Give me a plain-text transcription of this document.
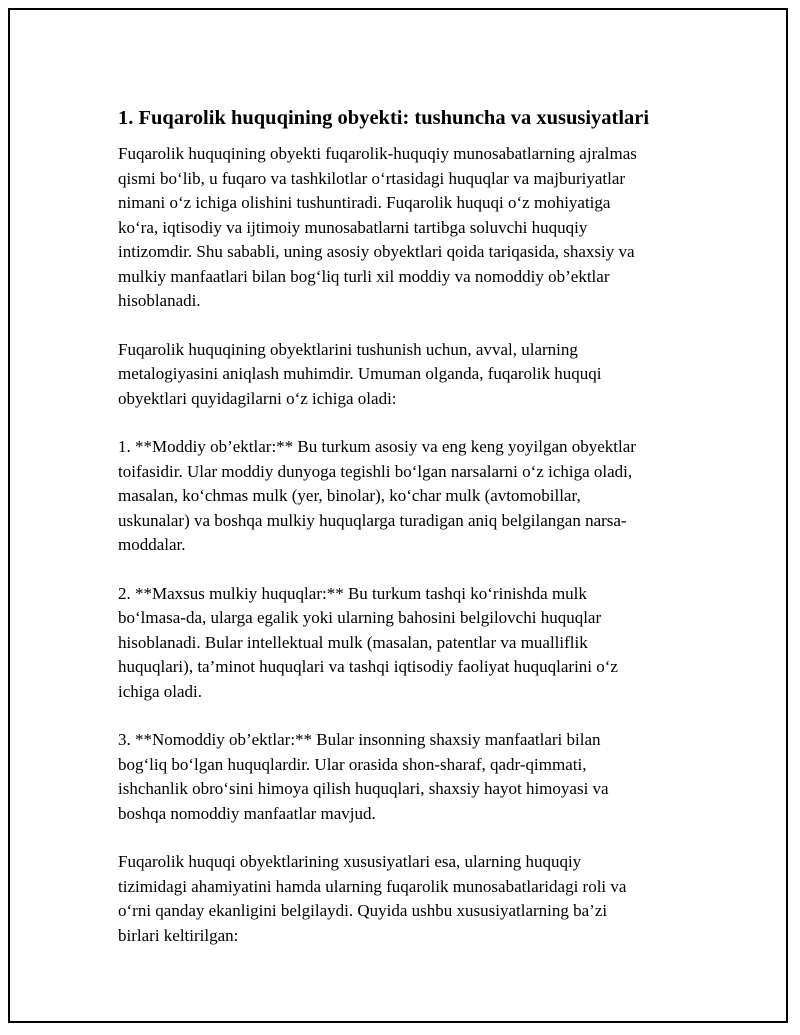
1. Fuqarolik huquqining obyekti: tushuncha va xususiyatlari
Fuqarolik huquqining obyekti fuqarolik-huquqiy munosabatlarning ajralmas
qismi bo‘lib, u fuqaro va tashkilotlar o‘rtasidagi huquqlar va majburiyatlar
nimani o‘z ichiga olishini tushuntiradi. Fuqarolik huquqi o‘z mohiyatiga
ko‘ra, iqtisodiy va ijtimoiy munosabatlarni tartibga soluvchi huquqiy
intizomdir. Shu sababli, uning asosiy obyektlari qoida tariqasida, shaxsiy va
mulkiy manfaatlari bilan bog‘liq turli xil moddiy va nomoddiy ob’ektlar
hisoblanadi.
Fuqarolik huquqining obyektlarini tushunish uchun, avval, ularning
metalogiyasini aniqlash muhimdir. Umuman olganda, fuqarolik huquqi
obyektlari quyidagilarni o‘z ichiga oladi:
1. **Moddiy ob’ektlar:** Bu turkum asosiy va eng keng yoyilgan obyektlar
toifasidir. Ular moddiy dunyoga tegishli bo‘lgan narsalarni o‘z ichiga oladi,
masalan, ko‘chmas mulk (yer, binolar), ko‘char mulk (avtomobillar,
uskunalar) va boshqa mulkiy huquqlarga turadigan aniq belgilangan narsa-
moddalar.
2. **Maxsus mulkiy huquqlar:** Bu turkum tashqi ko‘rinishda mulk
bo‘lmasa-da, ularga egalik yoki ularning bahosini belgilovchi huquqlar
hisoblanadi. Bular intellektual mulk (masalan, patentlar va mualliflik
huquqlari), ta’minot huquqlari va tashqi iqtisodiy faoliyat huquqlarini o‘z
ichiga oladi.
3. **Nomoddiy ob’ektlar:** Bular insonning shaxsiy manfaatlari bilan
bog‘liq bo‘lgan huquqlardir. Ular orasida shon-sharaf, qadr-qimmati,
ishchanlik obro‘sini himoya qilish huquqlari, shaxsiy hayot himoyasi va
boshqa nomoddiy manfaatlar mavjud.
Fuqarolik huquqi obyektlarining xususiyatlari esa, ularning huquqiy
tizimidagi ahamiyatini hamda ularning fuqarolik munosabatlaridagi roli va
o‘rni qanday ekanligini belgilaydi. Quyida ushbu xususiyatlarning ba’zi
birlari keltirilgan:
